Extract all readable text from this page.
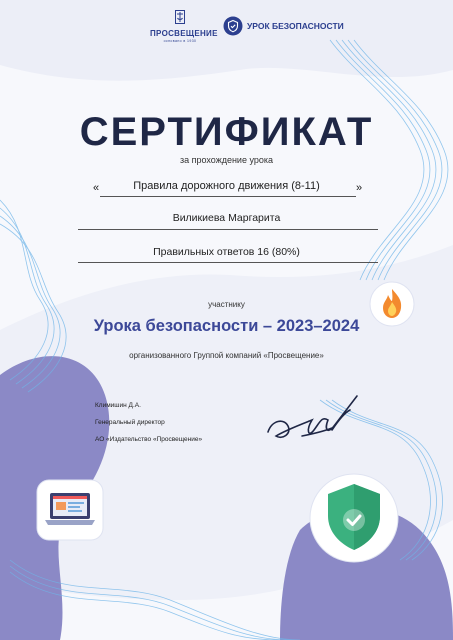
ПРОСВЕЩЕНИЕ
основано в 1930
УРОК БЕЗОПАСНОСТИ
СЕРТИФИКАТ
за прохождение урока
«	Правила дорожного движения (8-11)	»
Виликиева Маргарита
Правильных ответов 16 (80%)
участнику
Урока безопасности – 2023–2024
организованного Группой компаний «Просвещение»
Климишин Д.А.
Генеральный директор
АО «Издательство «Просвещение»
